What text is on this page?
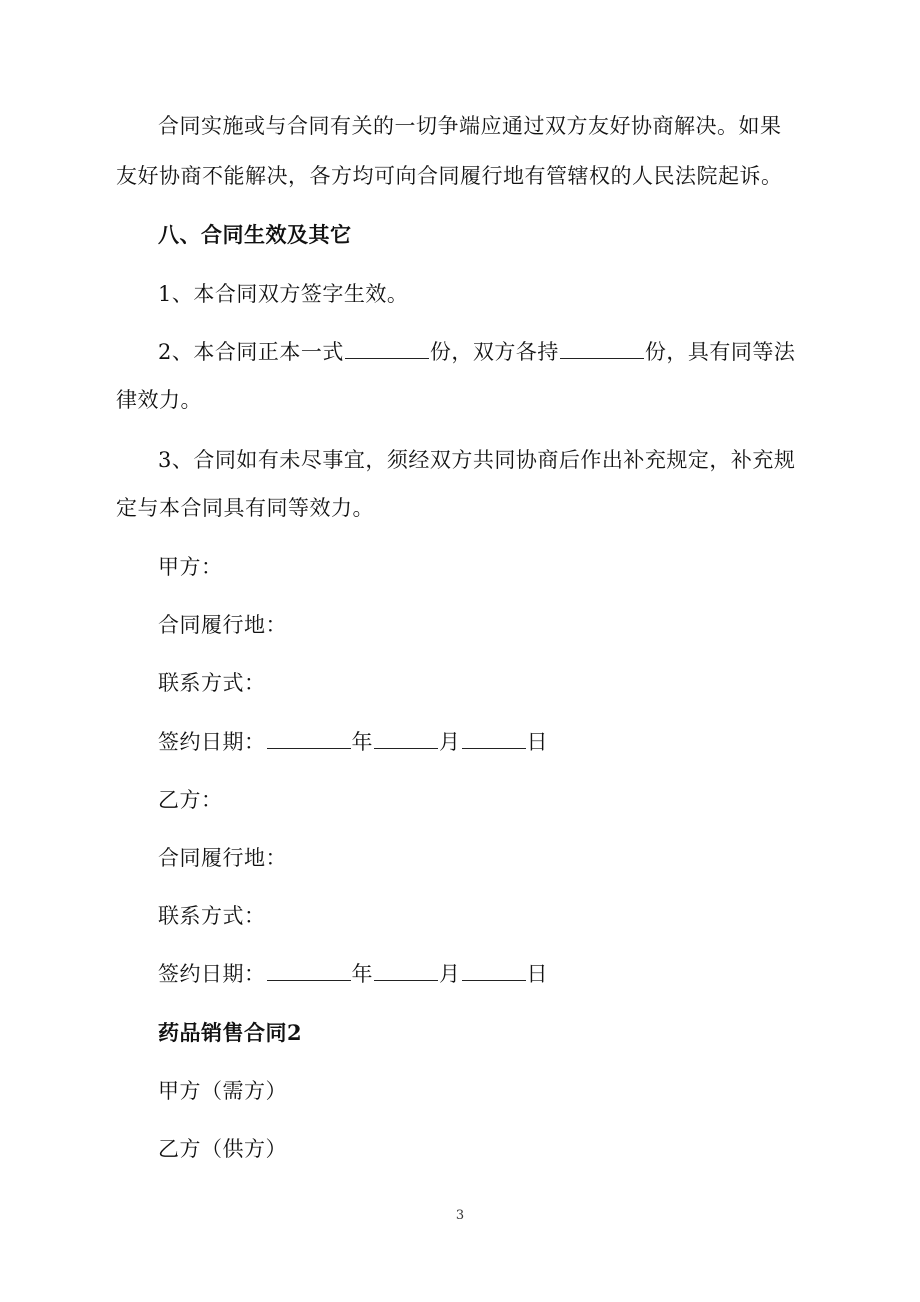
合同实施或与合同有关的一切争端应通过双方友好协商解决。如果
友好协商不能解决，各方均可向合同履行地有管辖权的人民法院起诉。
八、合同生效及其它
1、本合同双方签字生效。
2、本合同正本一式	份，双方各持	份，具有同等法
律效力。
3、合同如有未尽事宜，须经双方共同协商后作出补充规定，补充规
定与本合同具有同等效力。
甲方：
合同履行地：
联系方式：
签约日期：	年	月	日
乙方：
合同履行地：
联系方式：
签约日期：	年	月	日
药品销售合同2
甲方（需方）
乙方（供方）
3
